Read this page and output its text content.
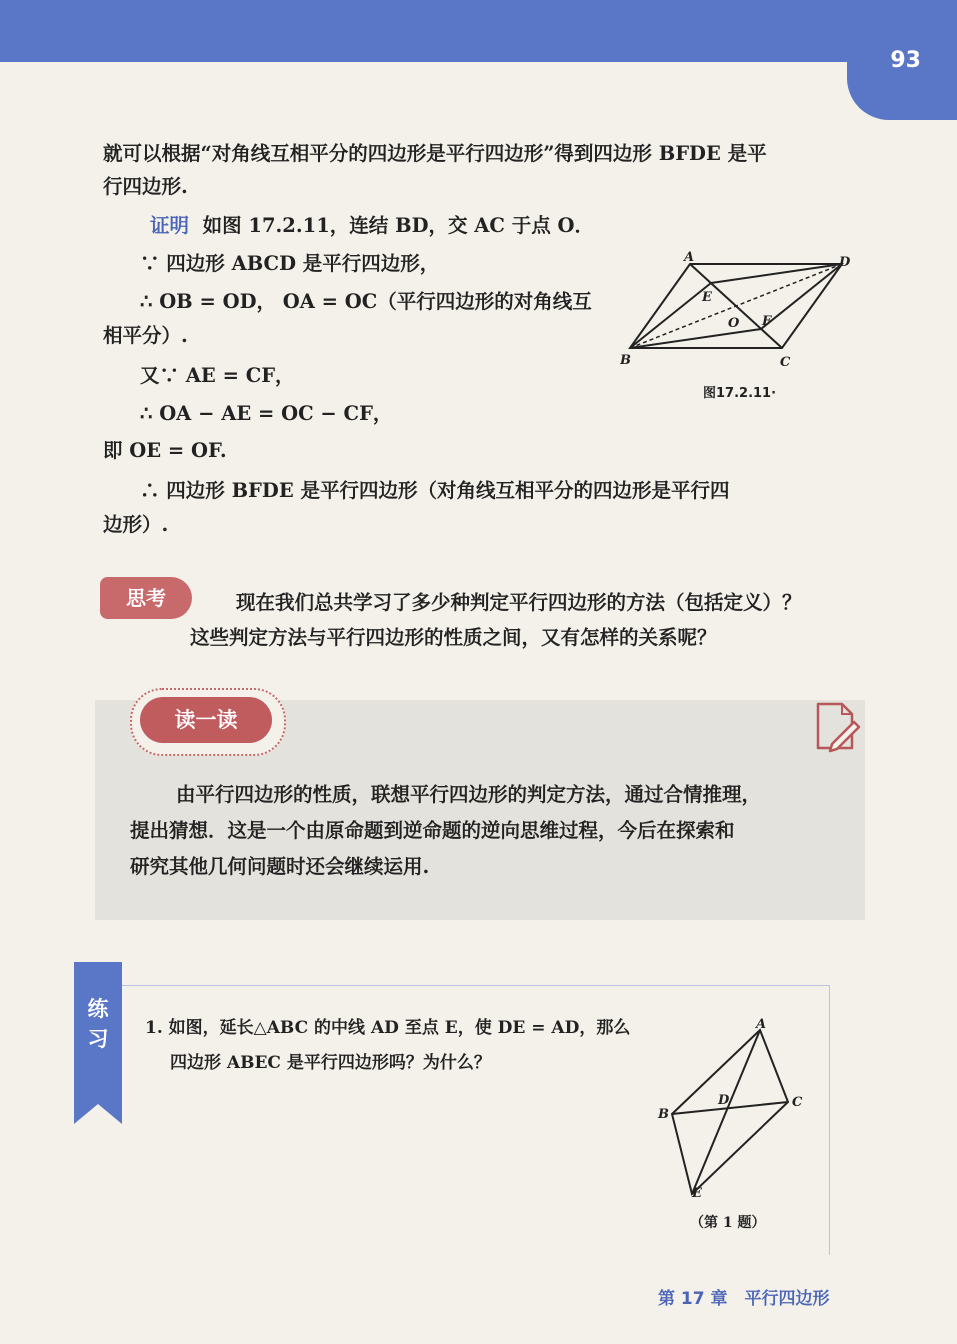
93
就可以根据“对角线互相平分的四边形是平行四边形”得到四边形 BFDE 是平
行四边形.
证明 如图 17.2.11，连结 BD，交 AC 于点 O．
∵ 四边形 ABCD 是平行四边形，
∴ OB = OD， OA = OC（平行四边形的对角线互
相平分）.
又∵ AE = CF，
∴ OA − AE = OC − CF，
即 OE = OF.
∴ 四边形 BFDE 是平行四边形（对角线互相平分的四边形是平行四
边形）.
A	D
B	C
E
F
O
图17.2.11·
思考	现在我们总共学习了多少种判定平行四边形的方法（包括定义）？
这些判定方法与平行四边形的性质之间，又有怎样的关系呢？
读一读
由平行四边形的性质，联想平行四边形的判定方法，通过合情推理，
提出猜想．这是一个由原命题到逆命题的逆向思维过程，今后在探索和
研究其他几何问题时还会继续运用.
练习 1. 如图，延长△ABC 的中线 AD 至点 E，使 DE = AD，那么
四边形 ABEC 是平行四边形吗？为什么？
A
B
C
D
E
（第 1 题）
第 17 章　平行四边形
